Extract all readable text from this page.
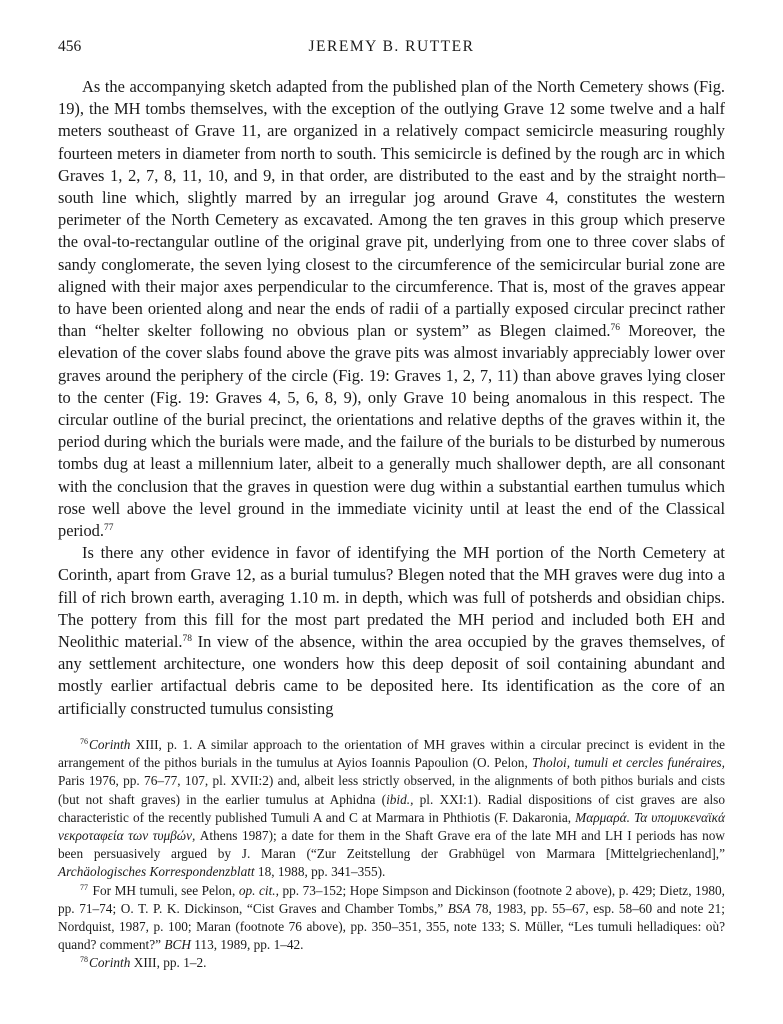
456	JEREMY B. RUTTER

As the accompanying sketch adapted from the published plan of the North Cemetery shows (Fig. 19), the MH tombs themselves, with the exception of the outlying Grave 12 some twelve and a half meters southeast of Grave 11, are organized in a relatively compact semicircle measuring roughly fourteen meters in diameter from north to south. This semicircle is defined by the rough arc in which Graves 1, 2, 7, 8, 11, 10, and 9, in that order, are distributed to the east and by the straight north–south line which, slightly marred by an irregular jog around Grave 4, constitutes the western perimeter of the North Cemetery as excavated. Among the ten graves in this group which preserve the oval-to-rectangular outline of the original grave pit, underlying from one to three cover slabs of sandy conglomerate, the seven lying closest to the circumference of the semicircular burial zone are aligned with their major axes perpendicular to the circumference. That is, most of the graves appear to have been oriented along and near the ends of radii of a partially exposed circular precinct rather than “helter skelter following no obvious plan or system” as Blegen claimed.$^{76}$ Moreover, the elevation of the cover slabs found above the grave pits was almost invariably appreciably lower over graves around the periphery of the circle (Fig. 19: Graves 1, 2, 7, 11) than above graves lying closer to the center (Fig. 19: Graves 4, 5, 6, 8, 9), only Grave 10 being anomalous in this respect. The circular outline of the burial precinct, the orientations and relative depths of the graves within it, the period during which the burials were made, and the failure of the burials to be disturbed by numerous tombs dug at least a millennium later, albeit to a generally much shallower depth, are all consonant with the conclusion that the graves in question were dug within a substantial earthen tumulus which rose well above the level ground in the immediate vicinity until at least the end of the Classical period.$^{77}$

Is there any other evidence in favor of identifying the MH portion of the North Cemetery at Corinth, apart from Grave 12, as a burial tumulus? Blegen noted that the MH graves were dug into a fill of rich brown earth, averaging 1.10 m. in depth, which was full of potsherds and obsidian chips. The pottery from this fill for the most part predated the MH period and included both EH and Neolithic material.$^{78}$ In view of the absence, within the area occupied by the graves themselves, of any settlement architecture, one wonders how this deep deposit of soil containing abundant and mostly earlier artifactual debris came to be deposited here. Its identification as the core of an artificially constructed tumulus consisting

$^{76}$Corinth XIII, p. 1. A similar approach to the orientation of MH graves within a circular precinct is evident in the arrangement of the pithos burials in the tumulus at Ayios Ioannis Papoulion (O. Pelon, Tholoi, tumuli et cercles funéraires, Paris 1976, pp. 76–77, 107, pl. XVII:2) and, albeit less strictly observed, in the alignments of both pithos burials and cists (but not shaft graves) in the earlier tumulus at Aphidna (ibid., pl. XXI:1). Radial dispositions of cist graves are also characteristic of the recently published Tumuli A and C at Marmara in Phthiotis (F. Dakaronia, Μαρμαρά. Τα υπομυκεναϊκά νεκροταφεία των τυμβών, Athens 1987); a date for them in the Shaft Grave era of the late MH and LH I periods has now been persuasively argued by J. Maran (“Zur Zeitstellung der Grabhügel von Marmara [Mittelgriechenland],” Archäologisches Korrespondenzblatt 18, 1988, pp. 341–355).

$^{77}$ For MH tumuli, see Pelon, op. cit., pp. 73–152; Hope Simpson and Dickinson (footnote 2 above), p. 429; Dietz, 1980, pp. 71–74; O. T. P. K. Dickinson, “Cist Graves and Chamber Tombs,” BSA 78, 1983, pp. 55–67, esp. 58–60 and note 21; Nordquist, 1987, p. 100; Maran (footnote 76 above), pp. 350–351, 355, note 133; S. Müller, “Les tumuli helladiques: où? quand? comment?” BCH 113, 1989, pp. 1–42.

$^{78}$Corinth XIII, pp. 1–2.
